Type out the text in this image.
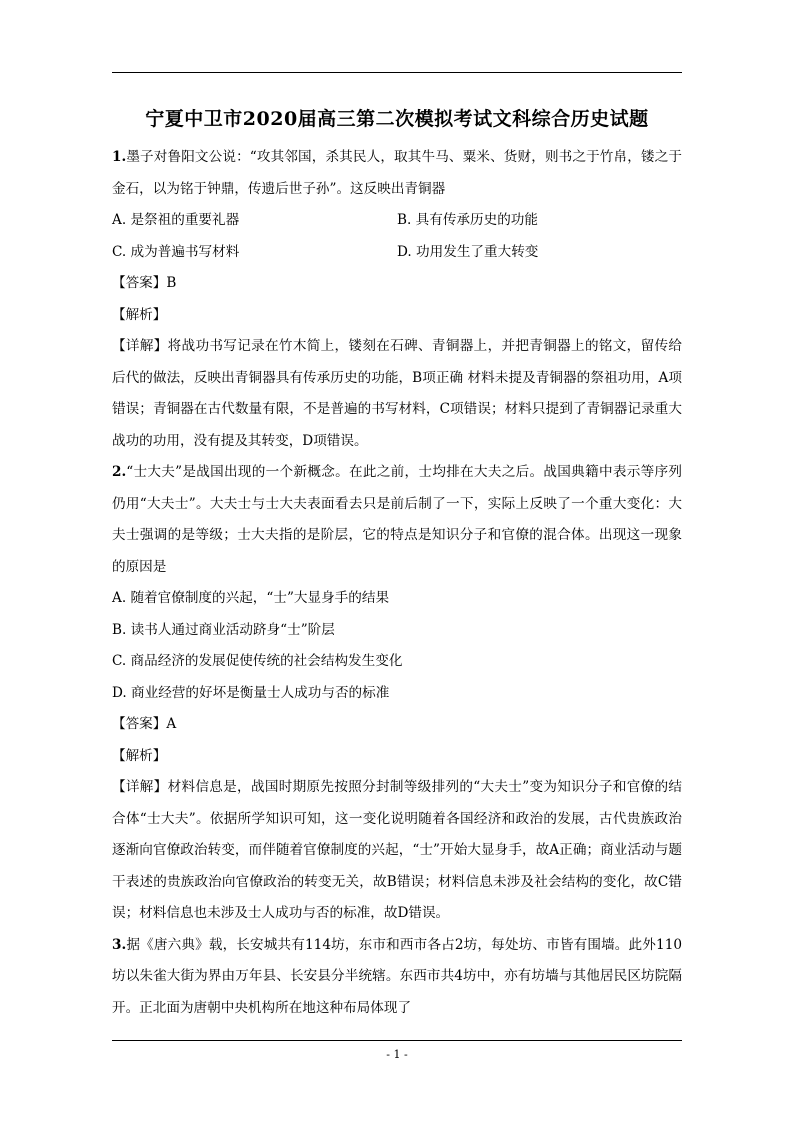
宁夏中卫市2020届高三第二次模拟考试文科综合历史试题

1.墨子对鲁阳文公说：“攻其邻国，杀其民人，取其牛马、粟米、货财，则书之于竹帛，镂之于金石，以为铭于钟鼎，传遗后世子孙”。这反映出青铜器

A. 是祭祖的重要礼器	B. 具有传承历史的功能
C. 成为普遍书写材料	D. 功用发生了重大转变
【答案】B
【解析】

【详解】将战功书写记录在竹木简上，镂刻在石碑、青铜器上，并把青铜器上的铭文，留传给后代的做法，反映出青铜器具有传承历史的功能，B项正确 材料未提及青铜器的祭祖功用，A项错误；青铜器在古代数量有限，不是普遍的书写材料，C项错误；材料只提到了青铜器记录重大战功的功用，没有提及其转变，D项错误。

2.“士大夫”是战国出现的一个新概念。在此之前，士均排在大夫之后。战国典籍中表示等序列仍用“大夫士”。大夫士与士大夫表面看去只是前后制了一下，实际上反映了一个重大变化：大夫士强调的是等级；士大夫指的是阶层，它的特点是知识分子和官僚的混合体。出现这一现象的原因是

A. 随着官僚制度的兴起，“士”大显身手的结果
B. 读书人通过商业活动跻身“士”阶层
C. 商品经济的发展促使传统的社会结构发生变化
D. 商业经营的好坏是衡量士人成功与否的标准
【答案】A
【解析】

【详解】材料信息是，战国时期原先按照分封制等级排列的“大夫士”变为知识分子和官僚的结合体“士大夫”。依据所学知识可知，这一变化说明随着各国经济和政治的发展，古代贵族政治逐渐向官僚政治转变，而伴随着官僚制度的兴起，“士”开始大显身手，故A正确；商业活动与题干表述的贵族政治向官僚政治的转变无关，故B错误；材料信息未涉及社会结构的变化，故C错误；材料信息也未涉及士人成功与否的标准，故D错误。

3.据《唐六典》载，长安城共有114坊，东市和西市各占2坊，每处坊、市皆有围墙。此外110坊以朱雀大街为界由万年县、长安县分半统辖。东西市共4坊中，亦有坊墙与其他居民区坊院隔开。正北面为唐朝中央机构所在地这种布局体现了

- 1 -
